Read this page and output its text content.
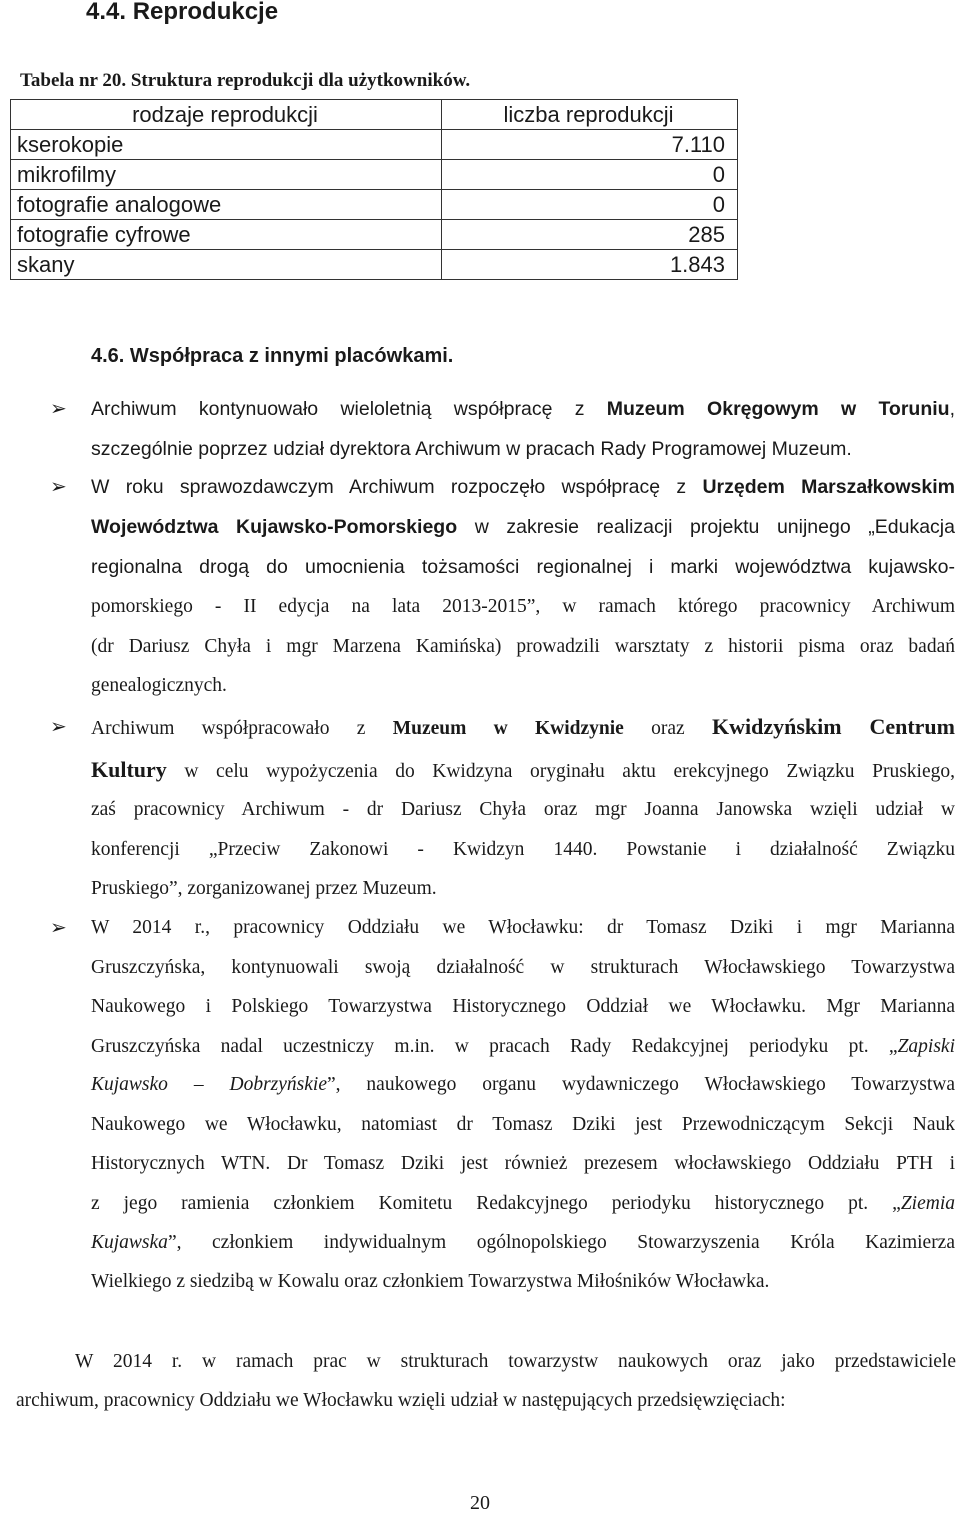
4.4. Reprodukcje
Tabela nr 20. Struktura reprodukcji dla użytkowników.
rodzaje reprodukcji	liczba reprodukcji
kserokopie	7.110
mikrofilmy	0
fotografie analogowe	0
fotografie cyfrowe	285
skany	1.843
4.6. Współpraca z innymi placówkami.
➢ Archiwum kontynuowało wieloletnią współpracę z Muzeum Okręgowym w Toruniu,
szczególnie poprzez udział dyrektora Archiwum w pracach Rady Programowej Muzeum.
➢ W roku sprawozdawczym Archiwum rozpoczęło współpracę z Urzędem Marszałkowskim
Województwa Kujawsko-Pomorskiego w zakresie realizacji projektu unijnego „Edukacja
regionalna drogą do umocnienia tożsamości regionalnej i marki województwa kujawsko-
pomorskiego - II edycja na lata 2013-2015”, w ramach którego pracownicy Archiwum
(dr Dariusz Chyła i mgr Marzena Kamińska) prowadzili warsztaty z historii pisma oraz badań
genealogicznych.
➢ Archiwum współpracowało z Muzeum w Kwidzynie oraz Kwidzyńskim Centrum
Kultury w celu wypożyczenia do Kwidzyna oryginału aktu erekcyjnego Związku Pruskiego,
zaś pracownicy Archiwum - dr Dariusz Chyła oraz mgr Joanna Janowska wzięli udział w
konferencji „Przeciw Zakonowi - Kwidzyn 1440. Powstanie i działalność Związku
Pruskiego”, zorganizowanej przez Muzeum.
➢ W 2014 r., pracownicy Oddziału we Włocławku: dr Tomasz Dziki i mgr Marianna
Gruszczyńska, kontynuowali swoją działalność w strukturach Włocławskiego Towarzystwa
Naukowego i Polskiego Towarzystwa Historycznego Oddział we Włocławku. Mgr Marianna
Gruszczyńska nadal uczestniczy m.in. w pracach Rady Redakcyjnej periodyku pt. „Zapiski
Kujawsko – Dobrzyńskie”, naukowego organu wydawniczego Włocławskiego Towarzystwa
Naukowego we Włocławku, natomiast dr Tomasz Dziki jest Przewodniczącym Sekcji Nauk
Historycznych WTN. Dr Tomasz Dziki jest również prezesem włocławskiego Oddziału PTH i
z jego ramienia członkiem Komitetu Redakcyjnego periodyku historycznego pt. „Ziemia
Kujawska”, członkiem indywidualnym ogólnopolskiego Stowarzyszenia Króla Kazimierza
Wielkiego z siedzibą w Kowalu oraz członkiem Towarzystwa Miłośników Włocławka.
W 2014 r. w ramach prac w strukturach towarzystw naukowych oraz jako przedstawiciele
archiwum, pracownicy Oddziału we Włocławku wzięli udział w następujących przedsięwzięciach:
20
